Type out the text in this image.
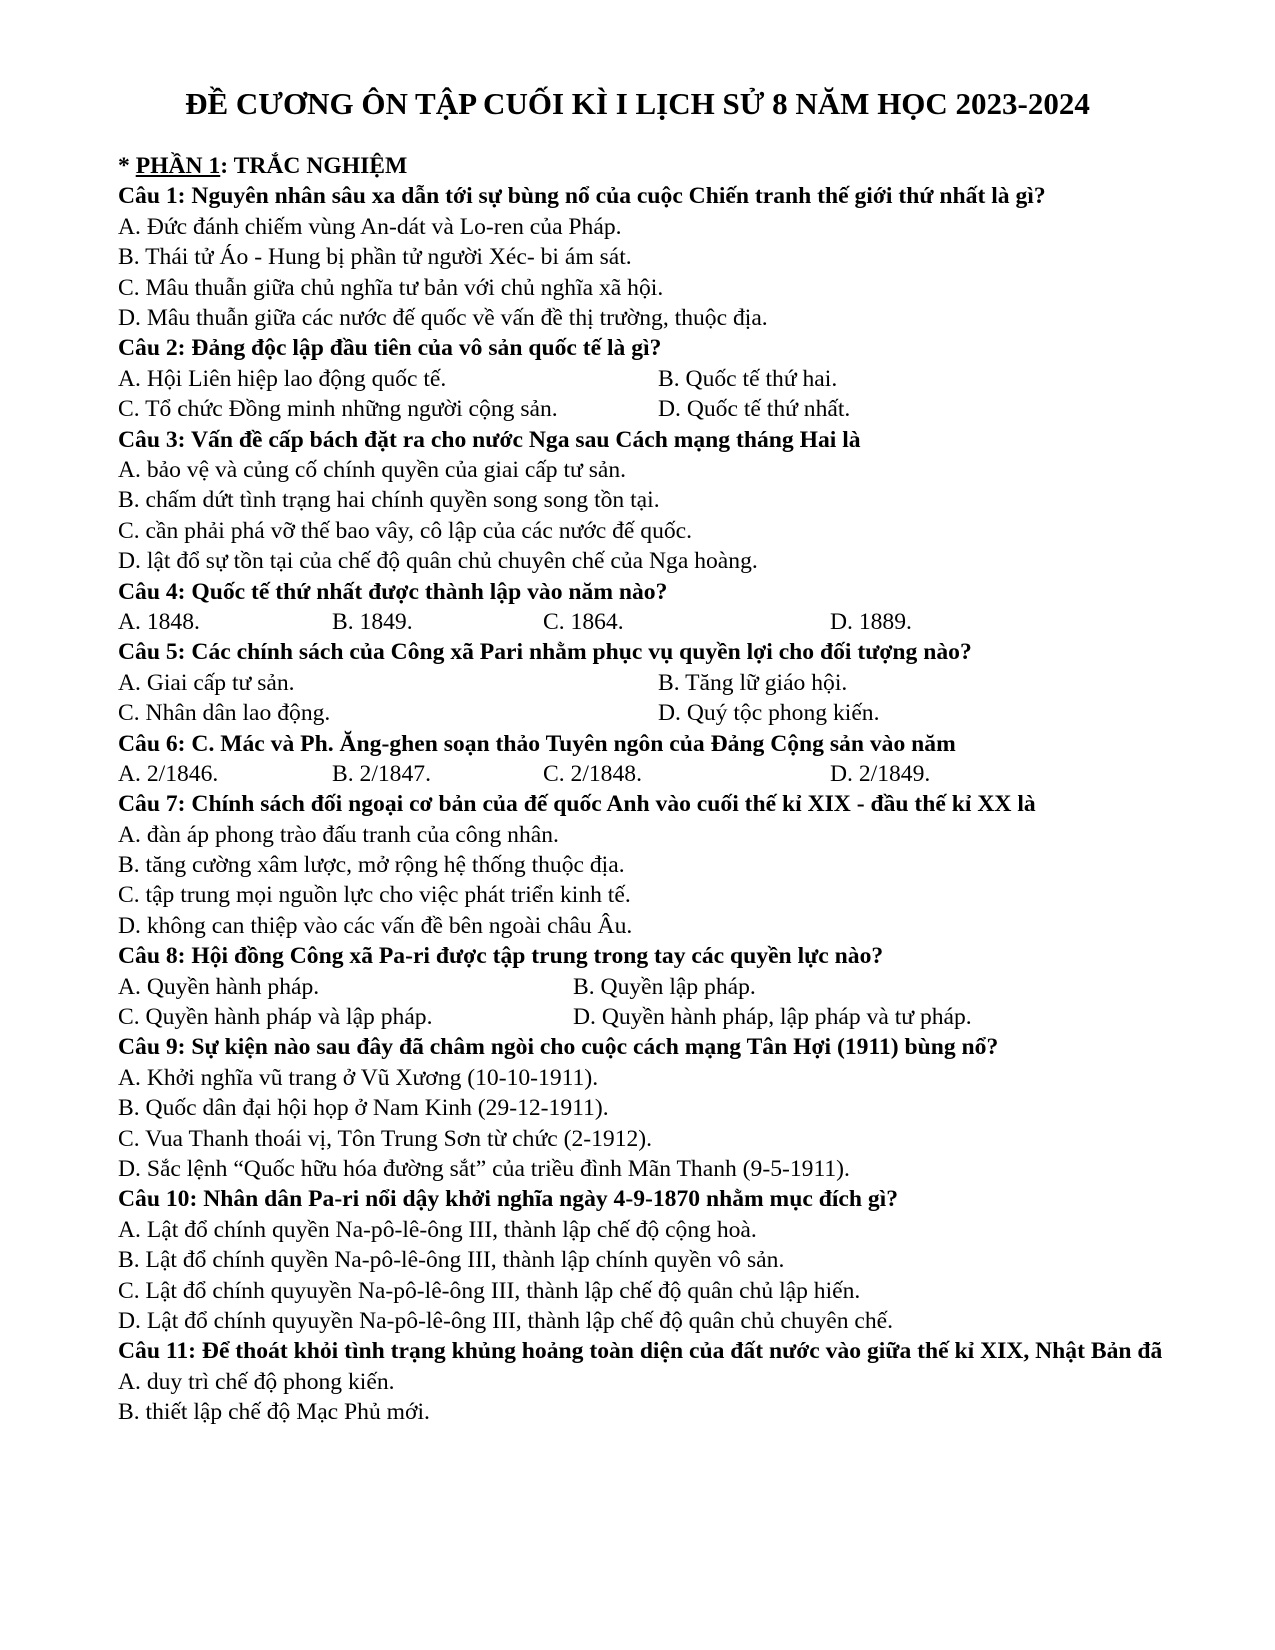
ĐỀ CƯƠNG ÔN TẬP CUỐI KÌ I LỊCH SỬ 8 NĂM HỌC 2023-2024
* PHẦN 1: TRẮC NGHIỆM
Câu 1: Nguyên nhân sâu xa dẫn tới sự bùng nổ của cuộc Chiến tranh thế giới thứ nhất là gì?
A. Đức đánh chiếm vùng An-dát và Lo-ren của Pháp.
B. Thái tử Áo - Hung bị phần tử người Xéc- bi ám sát.
C. Mâu thuẫn giữa chủ nghĩa tư bản với chủ nghĩa xã hội.
D. Mâu thuẫn giữa các nước đế quốc về vấn đề thị trường, thuộc địa.
Câu 2: Đảng độc lập đầu tiên của vô sản quốc tế là gì?
A. Hội Liên hiệp lao động quốc tế.	B. Quốc tế thứ hai.
C. Tổ chức Đồng minh những người cộng sản.	D. Quốc tế thứ nhất.
Câu 3: Vấn đề cấp bách đặt ra cho nước Nga sau Cách mạng tháng Hai là
A. bảo vệ và củng cố chính quyền của giai cấp tư sản.
B. chấm dứt tình trạng hai chính quyền song song tồn tại.
C. cần phải phá vỡ thế bao vây, cô lập của các nước đế quốc.
D. lật đổ sự tồn tại của chế độ quân chủ chuyên chế của Nga hoàng.
Câu 4: Quốc tế thứ nhất được thành lập vào năm nào?
A. 1848.	B. 1849.	C. 1864.	D. 1889.
Câu 5: Các chính sách của Công xã Pari nhằm phục vụ quyền lợi cho đối tượng nào?
A. Giai cấp tư sản.	B. Tăng lữ giáo hội.
C. Nhân dân lao động.	D. Quý tộc phong kiến.
Câu 6: C. Mác và Ph. Ăng-ghen soạn thảo Tuyên ngôn của Đảng Cộng sản vào năm
A. 2/1846.	B. 2/1847.	C. 2/1848.	D. 2/1849.
Câu 7: Chính sách đối ngoại cơ bản của đế quốc Anh vào cuối thế kỉ XIX - đầu thế kỉ XX là
A. đàn áp phong trào đấu tranh của công nhân.
B. tăng cường xâm lược, mở rộng hệ thống thuộc địa.
C. tập trung mọi nguồn lực cho việc phát triển kinh tế.
D. không can thiệp vào các vấn đề bên ngoài châu Âu.
Câu 8: Hội đồng Công xã Pa-ri được tập trung trong tay các quyền lực nào?
A. Quyền hành pháp.	B. Quyền lập pháp.
C. Quyền hành pháp và lập pháp.	D. Quyền hành pháp, lập pháp và tư pháp.
Câu 9: Sự kiện nào sau đây đã châm ngòi cho cuộc cách mạng Tân Hợi (1911) bùng nổ?
A. Khởi nghĩa vũ trang ở Vũ Xương (10-10-1911).
B. Quốc dân đại hội họp ở Nam Kinh (29-12-1911).
C. Vua Thanh thoái vị, Tôn Trung Sơn từ chức (2-1912).
D. Sắc lệnh “Quốc hữu hóa đường sắt” của triều đình Mãn Thanh (9-5-1911).
Câu 10: Nhân dân Pa-ri nổi dậy khởi nghĩa ngày 4-9-1870 nhằm mục đích gì?
A. Lật đổ chính quyền Na-pô-lê-ông III, thành lập chế độ cộng hoà.
B. Lật đổ chính quyền Na-pô-lê-ông III, thành lập chính quyền vô sản.
C. Lật đổ chính quyuyền Na-pô-lê-ông III, thành lập chế độ quân chủ lập hiến.
D. Lật đổ chính quyuyền Na-pô-lê-ông III, thành lập chế độ quân chủ chuyên chế.
Câu 11: Để thoát khỏi tình trạng khủng hoảng toàn diện của đất nước vào giữa thế kỉ XIX, Nhật Bản đã
A. duy trì chế độ phong kiến.
B. thiết lập chế độ Mạc Phủ mới.
